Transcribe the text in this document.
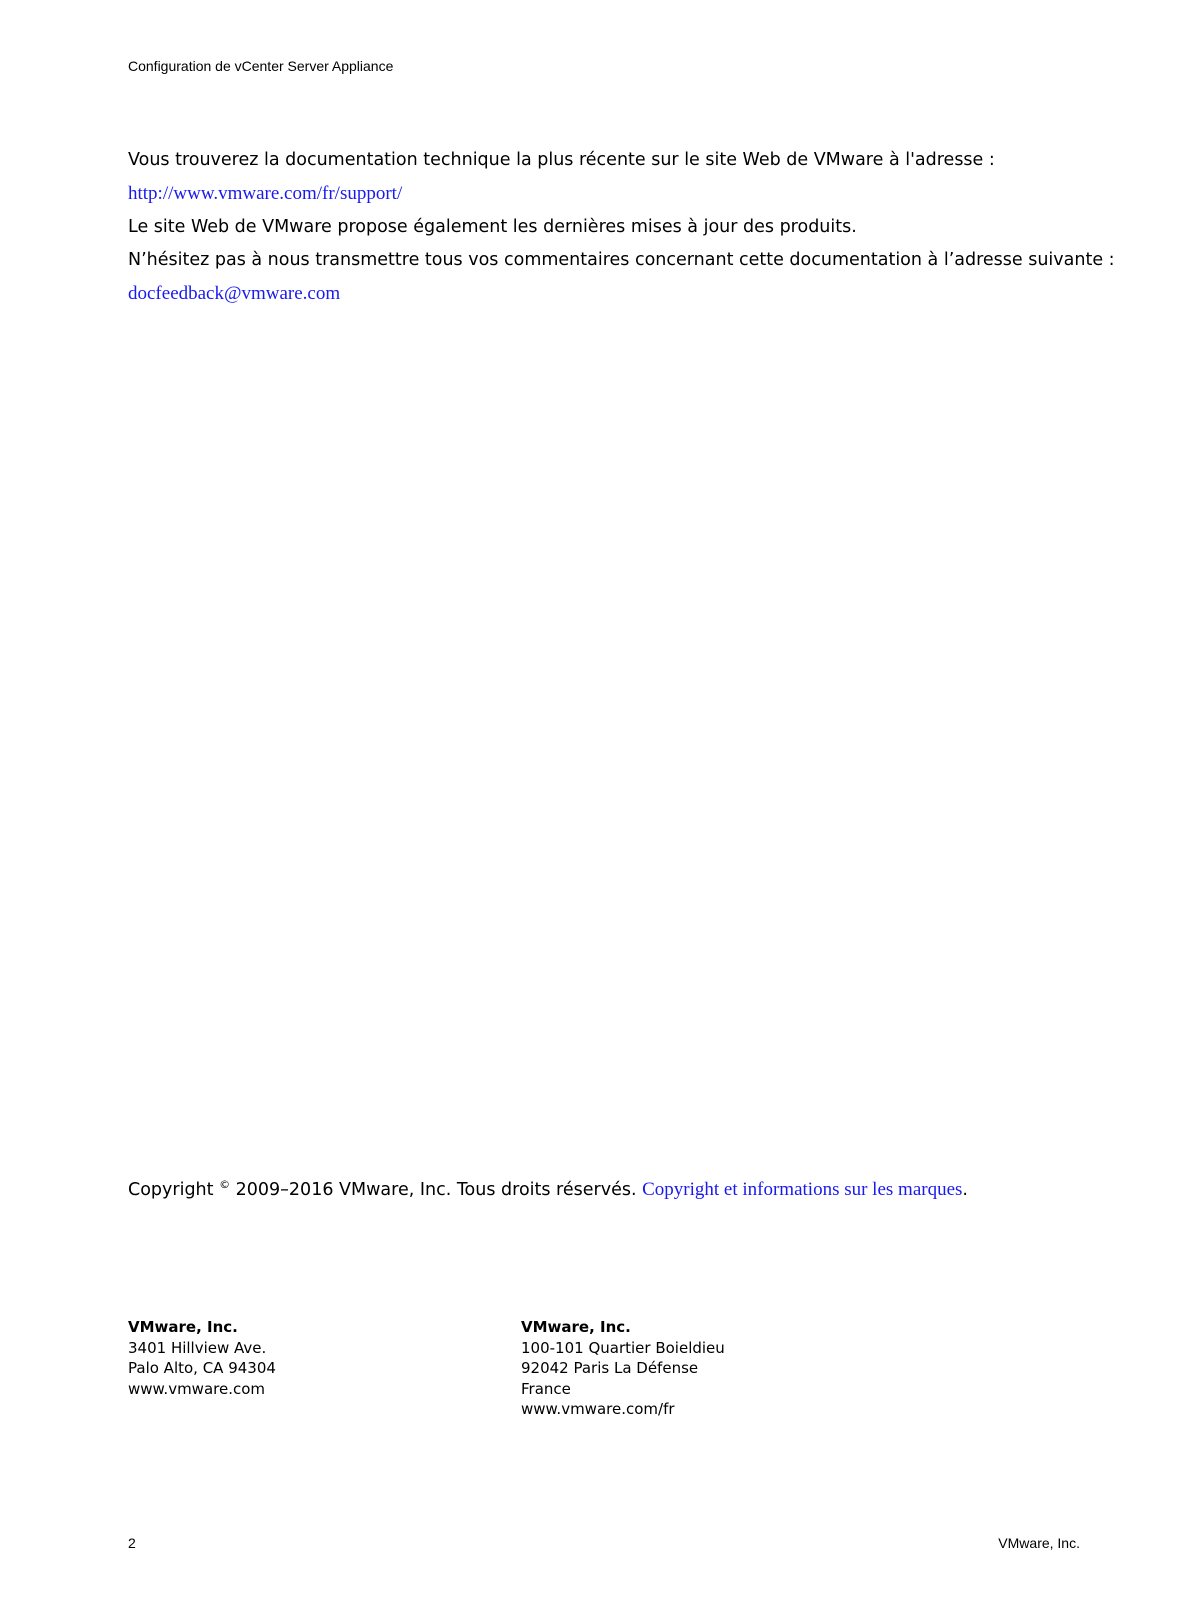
Configuration de vCenter Server Appliance
Vous trouverez la documentation technique la plus récente sur le site Web de VMware à l'adresse :
http://www.vmware.com/fr/support/
Le site Web de VMware propose également les dernières mises à jour des produits.
N’hésitez pas à nous transmettre tous vos commentaires concernant cette documentation à l’adresse suivante :
docfeedback@vmware.com
Copyright © 2009–2016 VMware, Inc. Tous droits réservés. Copyright et informations sur les marques.
VMware, Inc.
3401 Hillview Ave.
Palo Alto, CA 94304
www.vmware.com
VMware, Inc.
100-101 Quartier Boieldieu
92042 Paris La Défense
France
www.vmware.com/fr
2	VMware, Inc.
